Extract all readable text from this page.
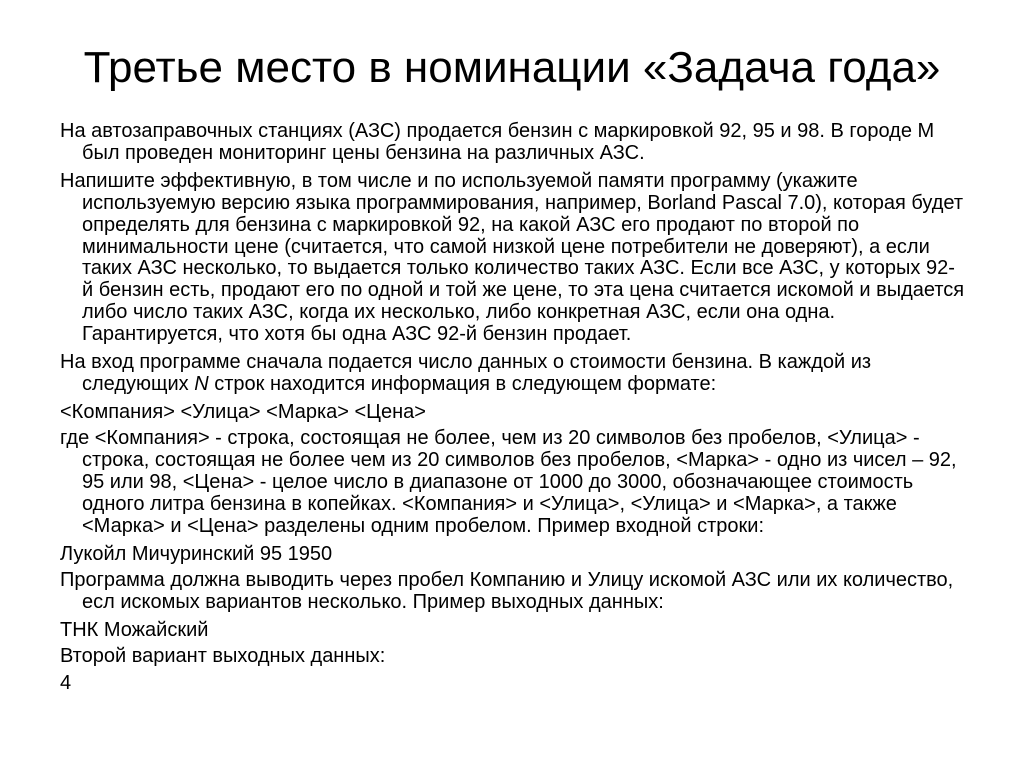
Третье место в номинации «Задача года»

На автозаправочных станциях (АЗС) продается бензин с маркировкой 92, 95 и 98. В городе М был проведен мониторинг цены бензина на различных АЗС.

Напишите эффективную, в том числе и по используемой памяти программу (укажите используемую версию языка программирования, например, Borland Pascal 7.0), которая будет определять для бензина с маркировкой 92, на какой АЗС его продают по второй по минимальности цене (считается, что самой низкой цене потребители не доверяют), а если таких АЗС несколько, то выдается только количество таких АЗС. Если все АЗС, у которых 92-й бензин есть, продают его по одной и той же цене, то эта цена считается искомой и выдается либо число таких АЗС, когда их несколько, либо конкретная АЗС, если она одна. Гарантируется, что хотя бы одна АЗС 92-й бензин продает.

На вход программе сначала подается число данных о стоимости бензина. В каждой из следующих N строк находится информация в следующем формате:

<Компания> <Улица> <Марка> <Цена>

где <Компания> - строка, состоящая не более, чем из 20 символов без пробелов, <Улица> - строка, состоящая не более чем из 20 символов без пробелов, <Марка> - одно из чисел – 92, 95 или 98, <Цена> - целое число в диапазоне от 1000 до 3000, обозначающее стоимость одного литра бензина в копейках. <Компания> и <Улица>, <Улица> и <Марка>, а также <Марка> и <Цена> разделены одним пробелом. Пример входной строки:

Лукойл Мичуринский 95 1950

Программа должна выводить через пробел Компанию и Улицу искомой АЗС или их количество, есл искомых вариантов несколько. Пример выходных данных:

ТНК Можайский

Второй вариант выходных данных:

4
